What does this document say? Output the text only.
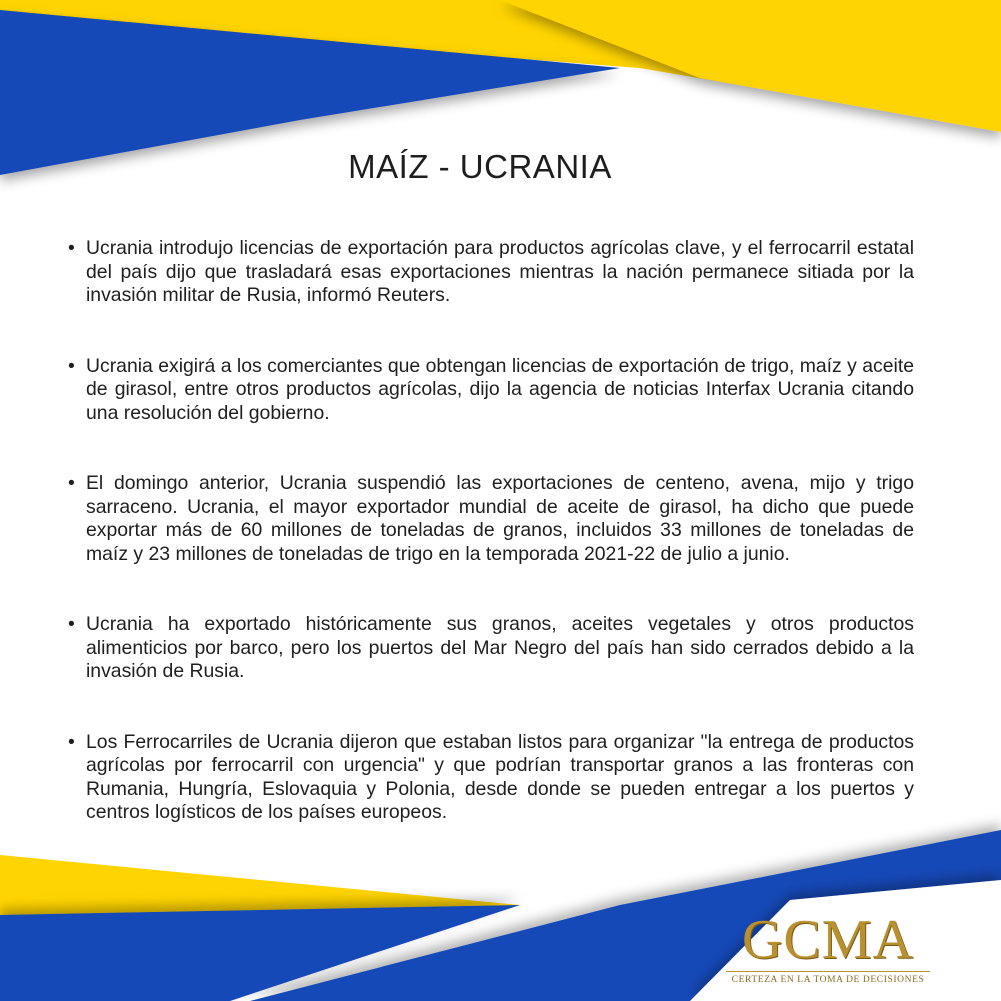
MAÍZ - UCRANIA
• Ucrania introdujo licencias de exportación para productos agrícolas clave, y el ferrocarril estatal del país dijo que trasladará esas exportaciones mientras la nación permanece sitiada por la invasión militar de Rusia, informó Reuters.
• Ucrania exigirá a los comerciantes que obtengan licencias de exportación de trigo, maíz y aceite de girasol, entre otros productos agrícolas, dijo la agencia de noticias Interfax Ucrania citando una resolución del gobierno.
• El domingo anterior, Ucrania suspendió las exportaciones de centeno, avena, mijo y trigo sarraceno. Ucrania, el mayor exportador mundial de aceite de girasol, ha dicho que puede exportar más de 60 millones de toneladas de granos, incluidos 33 millones de toneladas de maíz y 23 millones de toneladas de trigo en la temporada 2021-22 de julio a junio.
• Ucrania ha exportado históricamente sus granos, aceites vegetales y otros productos alimenticios por barco, pero los puertos del Mar Negro del país han sido cerrados debido a la invasión de Rusia.
• Los Ferrocarriles de Ucrania dijeron que estaban listos para organizar "la entrega de productos agrícolas por ferrocarril con urgencia" y que podrían transportar granos a las fronteras con Rumania, Hungría, Eslovaquia y Polonia, desde donde se pueden entregar a los puertos y centros logísticos de los países europeos.
GCMA
CERTEZA EN LA TOMA DE DECISIONES
